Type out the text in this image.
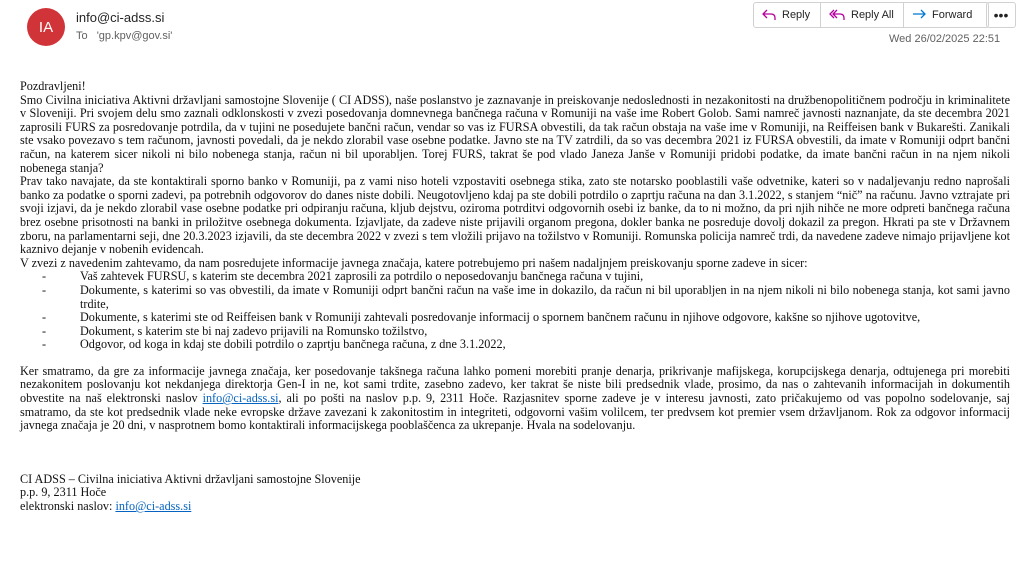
IA
info@ci-adss.si
To 'gp.kpv@gov.si'
Reply	Reply All	Forward	•••
Wed 26/02/2025 22:51

Pozdravljeni!

Smo Civilna iniciativa Aktivni državljani samostojne Slovenije ( CI ADSS), naše poslanstvo je zaznavanje in preiskovanje nedoslednosti in nezakonitosti na družbenopolitičnem področju in kriminalitete v Sloveniji. Pri svojem delu smo zaznali odklonskosti v zvezi posedovanja domnevnega bančnega računa v Romuniji na vaše ime Robert Golob. Sami namreč javnosti naznanjate, da ste decembra 2021 zaprosili FURS za posredovanje potrdila, da v tujini ne posedujete bančni račun, vendar so vas iz FURSA obvestili, da tak račun obstaja na vaše ime v Romuniji, na Reiffeisen bank v Bukarešti. Zanikali ste vsako povezavo s tem računom, javnosti povedali, da je nekdo zlorabil vase osebne podatke. Javno ste na TV zatrdili, da so vas decembra 2021 iz FURSA obvestili, da imate v Romuniji odprt bančni račun, na katerem sicer nikoli ni bilo nobenega stanja, račun ni bil uporabljen. Torej FURS, takrat še pod vlado Janeza Janše v Romuniji pridobi podatke, da imate bančni račun in na njem nikoli nobenega stanja?

Prav tako navajate, da ste kontaktirali sporno banko v Romuniji, pa z vami niso hoteli vzpostaviti osebnega stika, zato ste notarsko pooblastili vaše odvetnike, kateri so v nadaljevanju redno naprošali banko za podatke o sporni zadevi, pa potrebnih odgovorov do danes niste dobili. Neugotovljeno kdaj pa ste dobili potrdilo o zaprtju računa na dan 3.1.2022, s stanjem “nič” na računu. Javno vztrajate pri svoji izjavi, da je nekdo zlorabil vase osebne podatke pri odpiranju računa, kljub dejstvu, oziroma potrditvi odgovornih osebi iz banke, da to ni možno, da pri njih nihče ne more odpreti bančnega računa brez osebne prisotnosti na banki in priložitve osebnega dokumenta. Izjavljate, da zadeve niste prijavili organom pregona, dokler banka ne posreduje dovolj dokazil za pregon. Hkrati pa ste v Državnem zboru, na parlamentarni seji, dne 20.3.2023 izjavili, da ste decembra 2022 v zvezi s tem vložili prijavo na tožilstvo v Romuniji. Romunska policija namreč trdi, da navedene zadeve nimajo prijavljene kot kaznivo dejanje v nobenih evidencah.

V zvezi z navedenim zahtevamo, da nam posredujete informacije javnega značaja, katere potrebujemo pri našem nadaljnjem preiskovanju sporne zadeve in sicer:

-	Vaš zahtevek FURSU, s katerim ste decembra 2021 zaprosili za potrdilo o neposedovanju bančnega računa v tujini,
-	Dokumente, s katerimi so vas obvestili, da imate v Romuniji odprt bančni račun na vaše ime in dokazilo, da račun ni bil uporabljen in na njem nikoli ni bilo nobenega stanja, kot sami javno trdite,
-	Dokumente, s katerimi ste od Reiffeisen bank v Romuniji zahtevali posredovanje informacij o spornem bančnem računu in njihove odgovore, kakšne so njihove ugotovitve,
-	Dokument, s katerim ste bi naj zadevo prijavili na Romunsko tožilstvo,
-	Odgovor, od koga in kdaj ste dobili potrdilo o zaprtju bančnega računa, z dne 3.1.2022,

Ker smatramo, da gre za informacije javnega značaja, ker posedovanje takšnega računa lahko pomeni morebiti pranje denarja, prikrivanje mafijskega, korupcijskega denarja, odtujenega pri morebiti nezakonitem poslovanju kot nekdanjega direktorja Gen-I in ne, kot sami trdite, zasebno zadevo, ker takrat še niste bili predsednik vlade, prosimo, da nas o zahtevanih informacijah in dokumentih obvestite na naš elektronski naslov info@ci-adss.si, ali po pošti na naslov p.p. 9, 2311 Hoče. Razjasnitev sporne zadeve je v interesu javnosti, zato pričakujemo od vas popolno sodelovanje, saj smatramo, da ste kot predsednik vlade neke evropske države zavezani k zakonitostim in integriteti, odgovorni vašim volilcem, ter predvsem kot premier vsem državljanom. Rok za odgovor informacij javnega značaja je 20 dni, v nasprotnem bomo kontaktirali informacijskega pooblaščenca za ukrepanje. Hvala na sodelovanju.

CI ADSS – Civilna iniciativa Aktivni državljani samostojne Slovenije

p.p. 9, 2311 Hoče

elektronski naslov: info@ci-adss.si
